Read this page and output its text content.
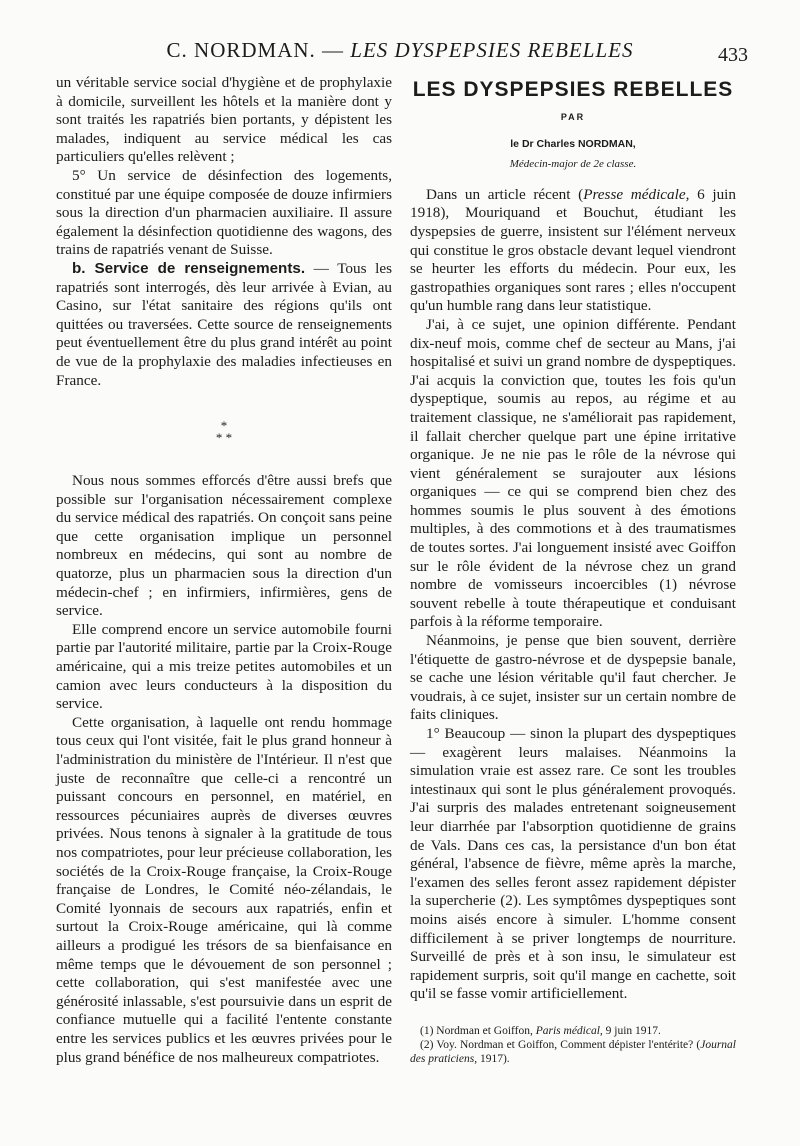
C. NORDMAN. — LES DYSPEPSIES REBELLES	433

un véritable service social d'hygiène et de prophylaxie à domicile, surveillent les hôtels et la manière dont y sont traités les rapatriés bien portants, y dépistent les malades, indiquent au service médical les cas particuliers qu'elles relèvent ;

5° Un service de désinfection des logements, constitué par une équipe composée de douze infirmiers sous la direction d'un pharmacien auxiliaire. Il assure également la désinfection quotidienne des wagons, des trains de rapatriés venant de Suisse.

b. Service de renseignements. — Tous les rapatriés sont interrogés, dès leur arrivée à Evian, au Casino, sur l'état sanitaire des régions qu'ils ont quittées ou traversées. Cette source de renseignements peut éventuellement être du plus grand intérêt au point de vue de la prophylaxie des maladies infectieuses en France.

*
* *

Nous nous sommes efforcés d'être aussi brefs que possible sur l'organisation nécessairement complexe du service médical des rapatriés. On conçoit sans peine que cette organisation implique un personnel nombreux en médecins, qui sont au nombre de quatorze, plus un pharmacien sous la direction d'un médecin-chef ; en infirmiers, infirmières, gens de service.

Elle comprend encore un service automobile fourni partie par l'autorité militaire, partie par la Croix-Rouge américaine, qui a mis treize petites automobiles et un camion avec leurs conducteurs à la disposition du service.

Cette organisation, à laquelle ont rendu hommage tous ceux qui l'ont visitée, fait le plus grand honneur à l'administration du ministère de l'Intérieur. Il n'est que juste de reconnaître que celle-ci a rencontré un puissant concours en personnel, en matériel, en ressources pécuniaires auprès de diverses œuvres privées. Nous tenons à signaler à la gratitude de tous nos compatriotes, pour leur précieuse collaboration, les sociétés de la Croix-Rouge française, la Croix-Rouge française de Londres, le Comité néo-zélandais, le Comité lyonnais de secours aux rapatriés, enfin et surtout la Croix-Rouge américaine, qui là comme ailleurs a prodigué les trésors de sa bienfaisance en même temps que le dévouement de son personnel ; cette collaboration, qui s'est manifestée avec une générosité inlassable, s'est poursuivie dans un esprit de confiance mutuelle qui a facilité l'entente constante entre les services publics et les œuvres privées pour le plus grand bénéfice de nos malheureux compatriotes.

LES DYSPEPSIES REBELLES
PAR
le Dr Charles NORDMAN,
Médecin-major de 2e classe.

Dans un article récent (Presse médicale, 6 juin 1918), Mouriquand et Bouchut, étudiant les dyspepsies de guerre, insistent sur l'élément nerveux qui constitue le gros obstacle devant lequel viendront se heurter les efforts du médecin. Pour eux, les gastropathies organiques sont rares ; elles n'occupent qu'un humble rang dans leur statistique.

J'ai, à ce sujet, une opinion différente. Pendant dix-neuf mois, comme chef de secteur au Mans, j'ai hospitalisé et suivi un grand nombre de dyspeptiques. J'ai acquis la conviction que, toutes les fois qu'un dyspeptique, soumis au repos, au régime et au traitement classique, ne s'améliorait pas rapidement, il fallait chercher quelque part une épine irritative organique. Je ne nie pas le rôle de la névrose qui vient généralement se surajouter aux lésions organiques — ce qui se comprend bien chez des hommes soumis le plus souvent à des émotions multiples, à des commotions et à des traumatismes de toutes sortes. J'ai longuement insisté avec Goiffon sur le rôle évident de la névrose chez un grand nombre de vomisseurs incoercibles (1) névrose souvent rebelle à toute thérapeutique et conduisant parfois à la réforme temporaire.

Néanmoins, je pense que bien souvent, derrière l'étiquette de gastro-névrose et de dyspepsie banale, se cache une lésion véritable qu'il faut chercher. Je voudrais, à ce sujet, insister sur un certain nombre de faits cliniques.

1° Beaucoup — sinon la plupart des dyspeptiques — exagèrent leurs malaises. Néanmoins la simulation vraie est assez rare. Ce sont les troubles intestinaux qui sont le plus généralement provoqués. J'ai surpris des malades entretenant soigneusement leur diarrhée par l'absorption quotidienne de grains de Vals. Dans ces cas, la persistance d'un bon état général, l'absence de fièvre, même après la marche, l'examen des selles feront assez rapidement dépister la supercherie (2). Les symptômes dyspeptiques sont moins aisés encore à simuler. L'homme consent difficilement à se priver longtemps de nourriture. Surveillé de près et à son insu, le simulateur est rapidement surpris, soit qu'il mange en cachette, soit qu'il se fasse vomir artificiellement.

(1) Nordman et Goiffon, Paris médical, 9 juin 1917.

(2) Voy. Nordman et Goiffon, Comment dépister l'entérite? (Journal des praticiens, 1917).
